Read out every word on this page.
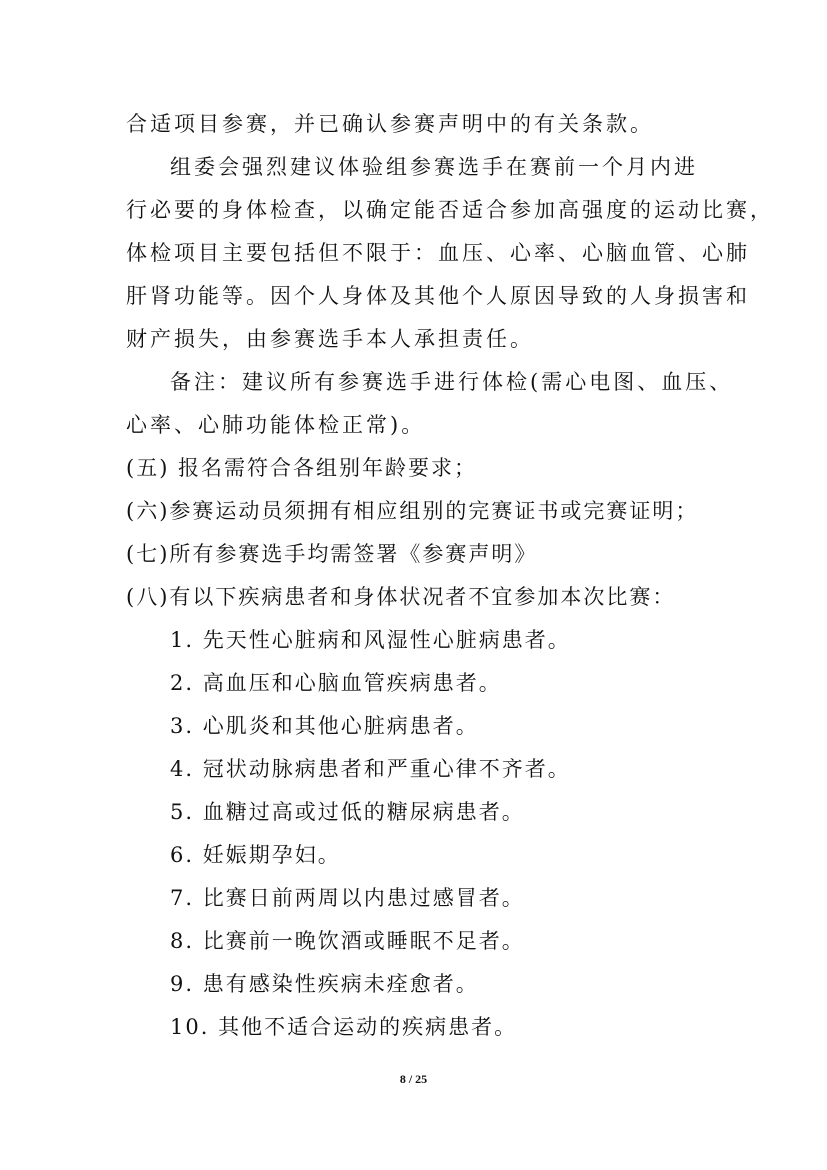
合适项目参赛，并已确认参赛声明中的有关条款。
组委会强烈建议体验组参赛选手在赛前一个月内进
行必要的身体检查，以确定能否适合参加高强度的运动比赛，
体检项目主要包括但不限于：血压、心率、心脑血管、心肺
肝肾功能等。因个人身体及其他个人原因导致的人身损害和
财产损失，由参赛选手本人承担责任。
备注：建议所有参赛选手进行体检(需心电图、血压、
心率、心肺功能体检正常)。
(五) 报名需符合各组别年龄要求；
(六)参赛运动员须拥有相应组别的完赛证书或完赛证明；
(七)所有参赛选手均需签署《参赛声明》
(八)有以下疾病患者和身体状况者不宜参加本次比赛：
1. 先天性心脏病和风湿性心脏病患者。
2. 高血压和心脑血管疾病患者。
3. 心肌炎和其他心脏病患者。
4. 冠状动脉病患者和严重心律不齐者。
5. 血糖过高或过低的糖尿病患者。
6. 妊娠期孕妇。
7. 比赛日前两周以内患过感冒者。
8. 比赛前一晚饮酒或睡眠不足者。
9. 患有感染性疾病未痊愈者。
10. 其他不适合运动的疾病患者。
8 / 25
